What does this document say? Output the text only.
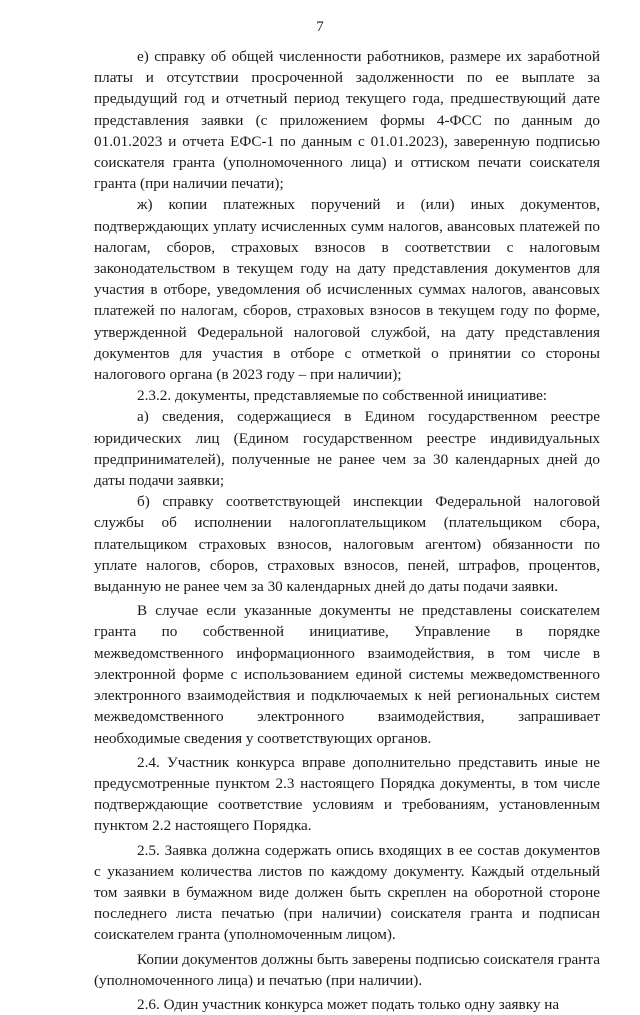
7

е) справку об общей численности работников, размере их заработной платы и отсутствии просроченной задолженности по ее выплате за предыдущий год и отчетный период текущего года, предшествующий дате представления заявки (с приложением формы 4-ФСС по данным до 01.01.2023 и отчета ЕФС-1 по данным с 01.01.2023), заверенную подписью соискателя гранта (уполномоченного лица) и оттиском печати соискателя гранта (при наличии печати);

ж) копии платежных поручений и (или) иных документов, подтверждающих уплату исчисленных сумм налогов, авансовых платежей по налогам, сборов, страховых взносов в соответствии с налоговым законодательством в текущем году на дату представления документов для участия в отборе, уведомления об исчисленных суммах налогов, авансовых платежей по налогам, сборов, страховых взносов в текущем году по форме, утвержденной Федеральной налоговой службой, на дату представления документов для участия в отборе с отметкой о принятии со стороны налогового органа (в 2023 году – при наличии);

2.3.2. документы, представляемые по собственной инициативе:

а) сведения, содержащиеся в Едином государственном реестре юридических лиц (Едином государственном реестре индивидуальных предпринимателей), полученные не ранее чем за 30 календарных дней до даты подачи заявки;

б) справку соответствующей инспекции Федеральной налоговой службы об исполнении налогоплательщиком (плательщиком сбора, плательщиком страховых взносов, налоговым агентом) обязанности по уплате налогов, сборов, страховых взносов, пеней, штрафов, процентов, выданную не ранее чем за 30 календарных дней до даты подачи заявки.

В случае если указанные документы не представлены соискателем гранта по собственной инициативе, Управление в порядке межведомственного информационного взаимодействия, в том числе в электронной форме с использованием единой системы межведомственного электронного взаимодействия и подключаемых к ней региональных систем межведомственного электронного взаимодействия, запрашивает необходимые сведения у соответствующих органов.

2.4. Участник конкурса вправе дополнительно представить иные не предусмотренные пунктом 2.3 настоящего Порядка документы, в том числе подтверждающие соответствие условиям и требованиям, установленным пунктом 2.2 настоящего Порядка.

2.5. Заявка должна содержать опись входящих в ее состав документов с указанием количества листов по каждому документу. Каждый отдельный том заявки в бумажном виде должен быть скреплен на оборотной стороне последнего листа печатью (при наличии) соискателя гранта и подписан соискателем гранта (уполномоченным лицом).

Копии документов должны быть заверены подписью соискателя гранта (уполномоченного лица) и печатью (при наличии).

2.6. Один участник конкурса может подать только одну заявку на
